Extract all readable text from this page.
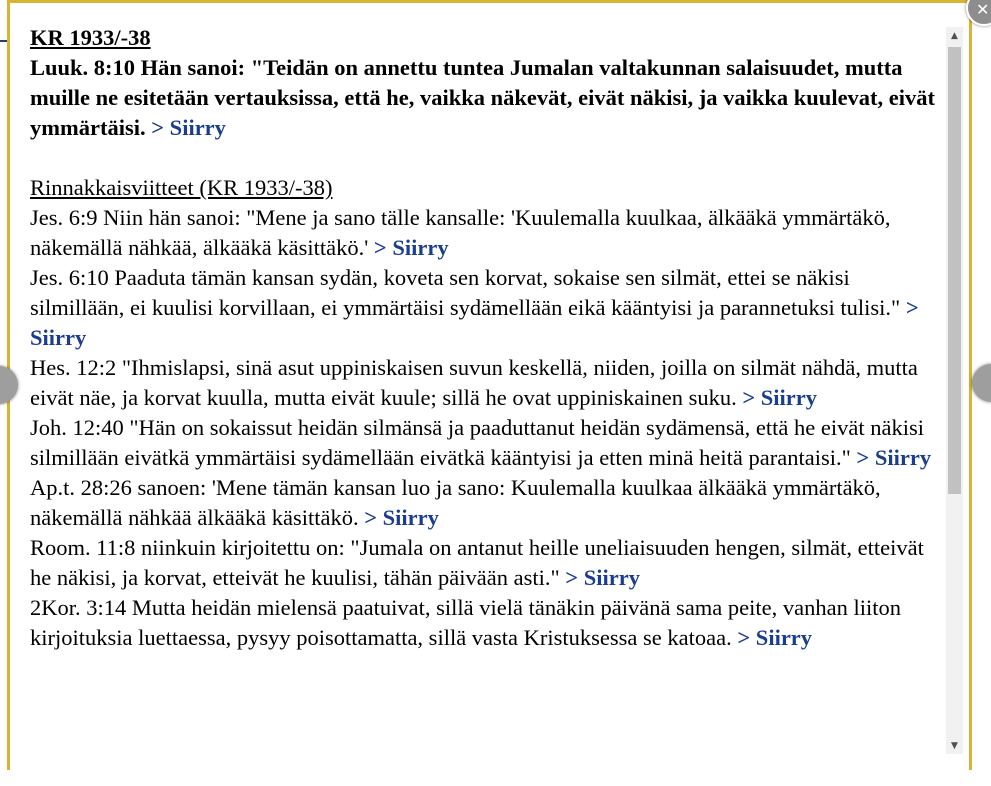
KR 1933/-38

Luuk. 8:10 Hän sanoi: "Teidän on annettu tuntea Jumalan valtakunnan salaisuudet, mutta muille ne esitetään vertauksissa, että he, vaikka näkevät, eivät näkisi, ja vaikka kuulevat, eivät ymmärtäisi. > Siirry

Rinnakkaisviitteet (KR 1933/-38)

Jes. 6:9 Niin hän sanoi: "Mene ja sano tälle kansalle: 'Kuulemalla kuulkaa, älkääkä ymmärtäkö, näkemällä nähkää, älkääkä käsittäkö.' > Siirry

Jes. 6:10 Paaduta tämän kansan sydän, koveta sen korvat, sokaise sen silmät, ettei se näkisi silmillään, ei kuulisi korvillaan, ei ymmärtäisi sydämellään eikä kääntyisi ja parannetuksi tulisi." > Siirry

Hes. 12:2 "Ihmislapsi, sinä asut uppiniskaisen suvun keskellä, niiden, joilla on silmät nähdä, mutta eivät näe, ja korvat kuulla, mutta eivät kuule; sillä he ovat uppiniskainen suku. > Siirry

Joh. 12:40 "Hän on sokaissut heidän silmänsä ja paaduttanut heidän sydämensä, että he eivät näkisi silmillään eivätkä ymmärtäisi sydämellään eivätkä kääntyisi ja etten minä heitä parantaisi." > Siirry

Ap.t. 28:26 sanoen: 'Mene tämän kansan luo ja sano: Kuulemalla kuulkaa älkääkä ymmärtäkö, näkemällä nähkää älkääkä käsittäkö. > Siirry

Room. 11:8 niinkuin kirjoitettu on: "Jumala on antanut heille uneliaisuuden hengen, silmät, etteivät he näkisi, ja korvat, etteivät he kuulisi, tähän päivään asti." > Siirry

2Kor. 3:14 Mutta heidän mielensä paatuivat, sillä vielä tänäkin päivänä sama peite, vanhan liiton kirjoituksia luettaessa, pysyy poisottamatta, sillä vasta Kristuksessa se katoaa. > Siirry

▲
▼
✕
